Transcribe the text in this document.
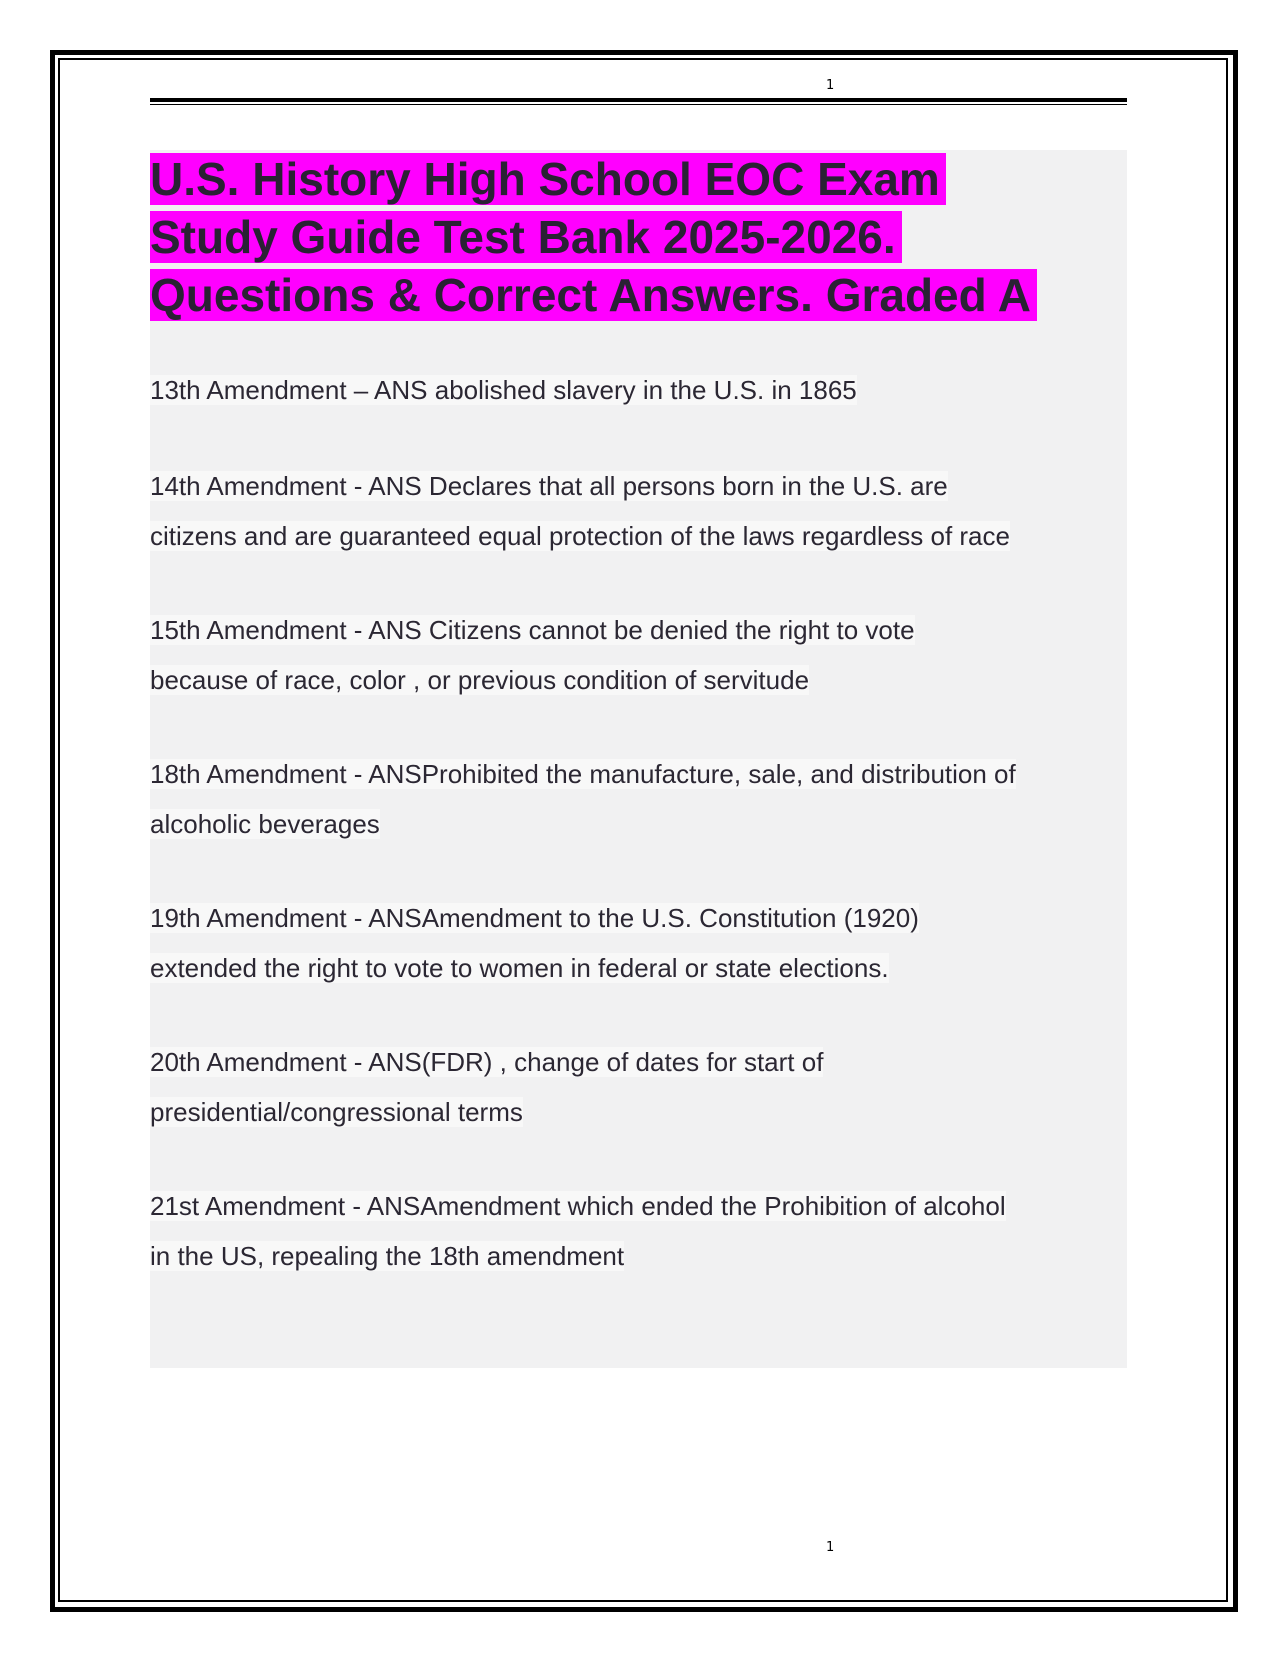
1
U.S. History High School EOC Exam
Study Guide Test Bank 2025-2026.
Questions & Correct Answers. Graded A
13th Amendment – ANS abolished slavery in the U.S. in 1865
14th Amendment - ANS Declares that all persons born in the U.S. are
citizens and are guaranteed equal protection of the laws regardless of race
15th Amendment - ANS Citizens cannot be denied the right to vote
because of race, color , or previous condition of servitude
18th Amendment - ANSProhibited the manufacture, sale, and distribution of
alcoholic beverages
19th Amendment - ANSAmendment to the U.S. Constitution (1920)
extended the right to vote to women in federal or state elections.
20th Amendment - ANS(FDR) , change of dates for start of
presidential/congressional terms
21st Amendment - ANSAmendment which ended the Prohibition of alcohol
in the US, repealing the 18th amendment
1
